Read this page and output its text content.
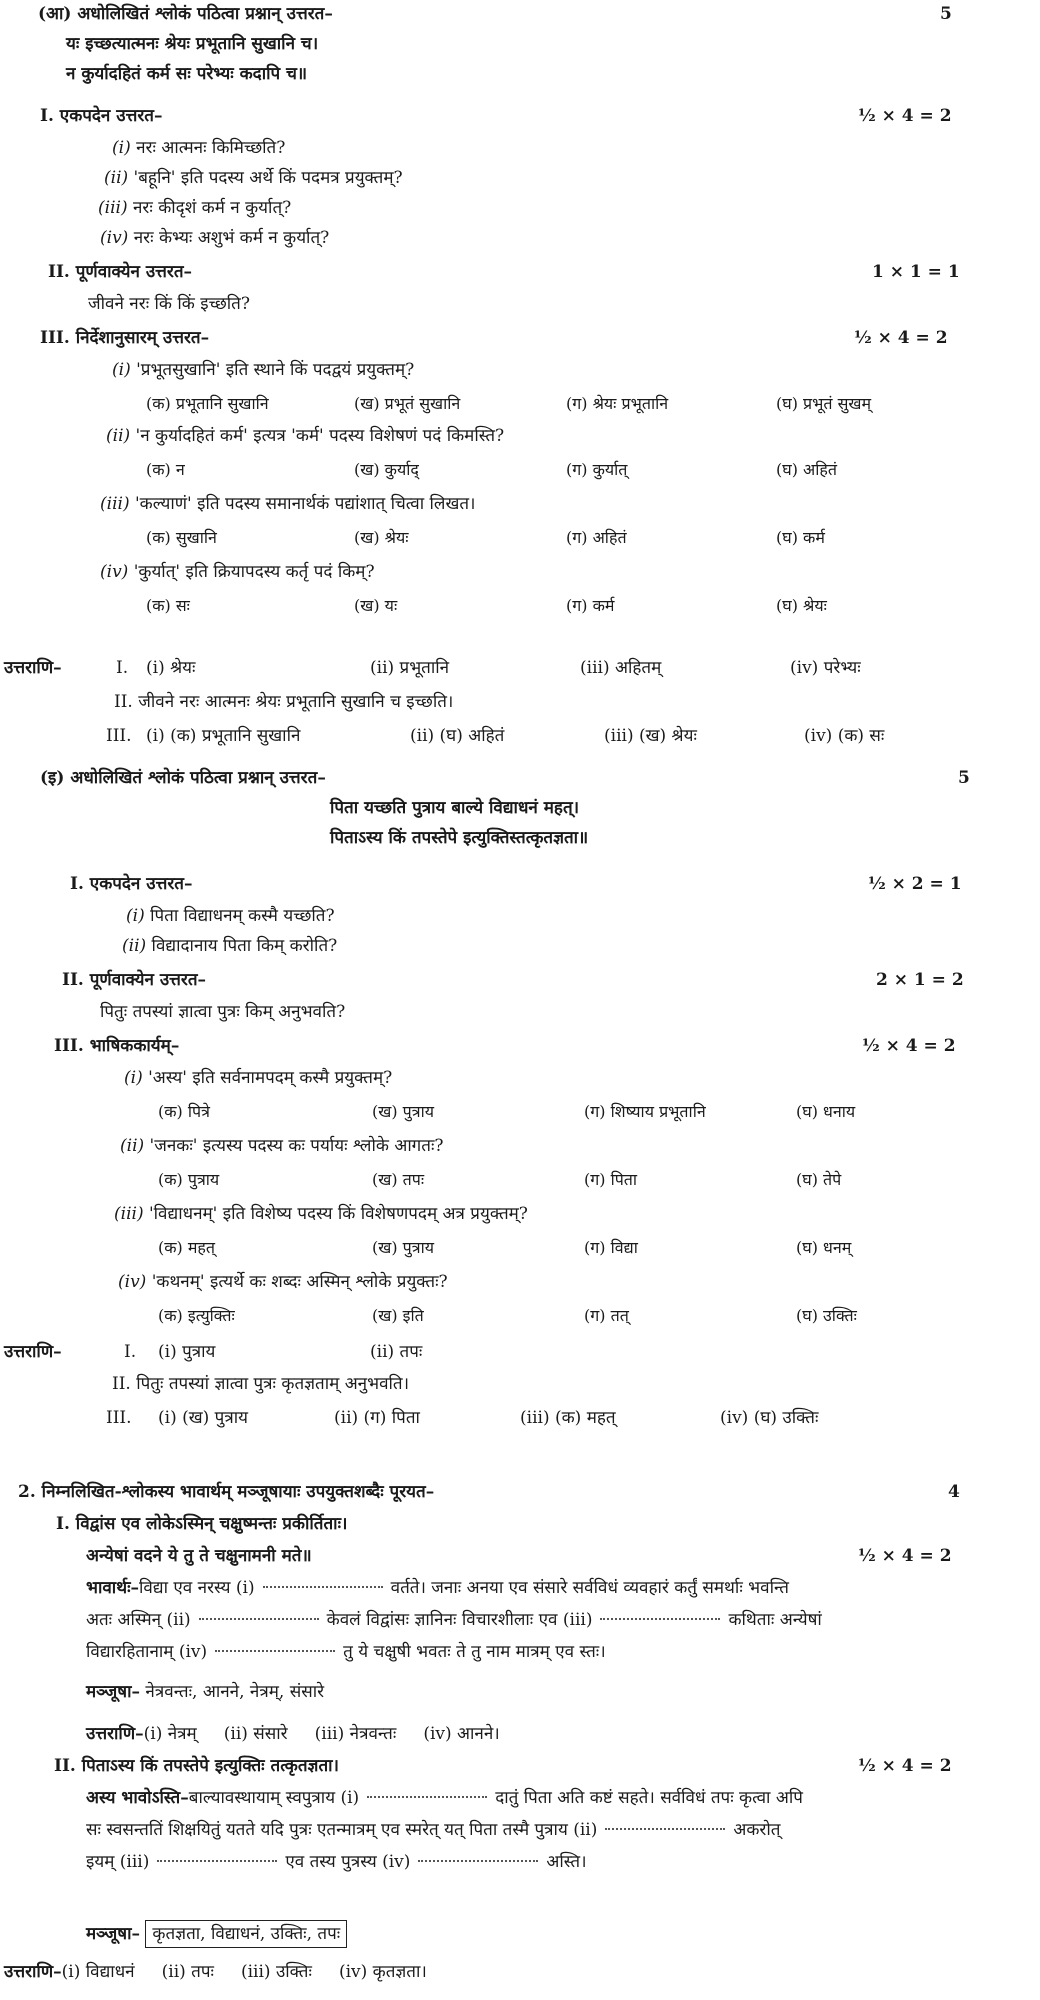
(आ) अधोलिखितं श्लोकं पठित्वा प्रश्नान् उत्तरत–	5
यः इच्छत्यात्मनः श्रेयः प्रभूतानि सुखानि च।
न कुर्यादहितं कर्म सः परेभ्यः कदापि च॥
I. एकपदेन उत्तरत–	½ × 4 = 2
(i) नरः आत्मनः किमिच्छति?
(ii) 'बहूनि' इति पदस्य अर्थे किं पदमत्र प्रयुक्तम्?
(iii) नरः कीदृशं कर्म न कुर्यात्?
(iv) नरः केभ्यः अशुभं कर्म न कुर्यात्?
II. पूर्णवाक्येन उत्तरत–	1 × 1 = 1
जीवने नरः किं किं इच्छति?
III. निर्देशानुसारम् उत्तरत–	½ × 4 = 2
(i) 'प्रभूतसुखानि' इति स्थाने किं पदद्वयं प्रयुक्तम्?
(क) प्रभूतानि सुखानि	(ख) प्रभूतं सुखानि	(ग) श्रेयः प्रभूतानि	(घ) प्रभूतं सुखम्
(ii) 'न कुर्यादहितं कर्म' इत्यत्र 'कर्म' पदस्य विशेषणं पदं किमस्ति?
(क) न	(ख) कुर्याद्	(ग) कुर्यात्	(घ) अहितं
(iii) 'कल्याणं' इति पदस्य समानार्थकं पद्यांशात् चित्वा लिखत।
(क) सुखानि	(ख) श्रेयः	(ग) अहितं	(घ) कर्म
(iv) 'कुर्यात्' इति क्रियापदस्य कर्तृ पदं किम्?
(क) सः	(ख) यः	(ग) कर्म	(घ) श्रेयः
उत्तराणि–	I. (i) श्रेयः	(ii) प्रभूतानि	(iii) अहितम्	(iv) परेभ्यः
II. जीवने नरः आत्मनः श्रेयः प्रभूतानि सुखानि च इच्छति।
III. (i) (क) प्रभूतानि सुखानि	(ii) (घ) अहितं	(iii) (ख) श्रेयः	(iv) (क) सः
(इ) अधोलिखितं श्लोकं पठित्वा प्रश्नान् उत्तरत–	5
पिता यच्छति पुत्राय बाल्ये विद्याधनं महत्।
पिताऽस्य किं तपस्तेपे इत्युक्तिस्तत्कृतज्ञता॥
I. एकपदेन उत्तरत–	½ × 2 = 1
(i) पिता विद्याधनम् कस्मै यच्छति?
(ii) विद्यादानाय पिता किम् करोति?
II. पूर्णवाक्येन उत्तरत–	2 × 1 = 2
पितुः तपस्यां ज्ञात्वा पुत्रः किम् अनुभवति?
III. भाषिककार्यम्–	½ × 4 = 2
(i) 'अस्य' इति सर्वनामपदम् कस्मै प्रयुक्तम्?
(क) पित्रे	(ख) पुत्राय	(ग) शिष्याय प्रभूतानि	(घ) धनाय
(ii) 'जनकः' इत्यस्य पदस्य कः पर्यायः श्लोके आगतः?
(क) पुत्राय	(ख) तपः	(ग) पिता	(घ) तेपे
(iii) 'विद्याधनम्' इति विशेष्य पदस्य किं विशेषणपदम् अत्र प्रयुक्तम्?
(क) महत्	(ख) पुत्राय	(ग) विद्या	(घ) धनम्
(iv) 'कथनम्' इत्यर्थे कः शब्दः अस्मिन् श्लोके प्रयुक्तः?
(क) इत्युक्तिः	(ख) इति	(ग) तत्	(घ) उक्तिः
उत्तराणि–	I. (i) पुत्राय	(ii) तपः
II. पितुः तपस्यां ज्ञात्वा पुत्रः कृतज्ञताम् अनुभवति।
III. (i) (ख) पुत्राय	(ii) (ग) पिता	(iii) (क) महत्	(iv) (घ) उक्तिः
2. निम्नलिखित-श्लोकस्य भावार्थम् मञ्जूषायाः उपयुक्तशब्दैः पूरयत–	4
I. विद्वांस एव लोकेऽस्मिन् चक्षुष्मन्तः प्रकीर्तिताः।
अन्येषां वदने ये तु ते चक्षुनामनी मते॥	½ × 4 = 2
भावार्थः–विद्या एव नरस्य (i)	वर्तते। जनाः अनया एव संसारे सर्वविधं व्यवहारं कर्तुं समर्थाः भवन्ति
अतः अस्मिन् (ii)	केवलं विद्वांसः ज्ञानिनः विचारशीलाः एव (iii)	कथिताः अन्येषां
विद्यारहितानाम् (iv)	तु ये चक्षुषी भवतः ते तु नाम मात्रम् एव स्तः।
मञ्जूषा– नेत्रवन्तः, आनने, नेत्रम्, संसारे
उत्तराणि–(i) नेत्रम् (ii) संसारे (iii) नेत्रवन्तः (iv) आनने।
II. पिताऽस्य किं तपस्तेपे इत्युक्तिः तत्कृतज्ञता।	½ × 4 = 2
अस्य भावोऽस्ति–बाल्यावस्थायाम् स्वपुत्राय (i)	दातुं पिता अति कष्टं सहते। सर्वविधं तपः कृत्वा अपि
सः स्वसन्ततिं शिक्षयितुं यतते यदि पुत्रः एतन्मात्रम् एव स्मरेत् यत् पिता तस्मै पुत्राय (ii)	अकरोत्
इयम् (iii)	एव तस्य पुत्रस्य (iv)	अस्ति।
मञ्जूषा– कृतज्ञता, विद्याधनं, उक्तिः, तपः
उत्तराणि–(i) विद्याधनं (ii) तपः (iii) उक्तिः (iv) कृतज्ञता।
